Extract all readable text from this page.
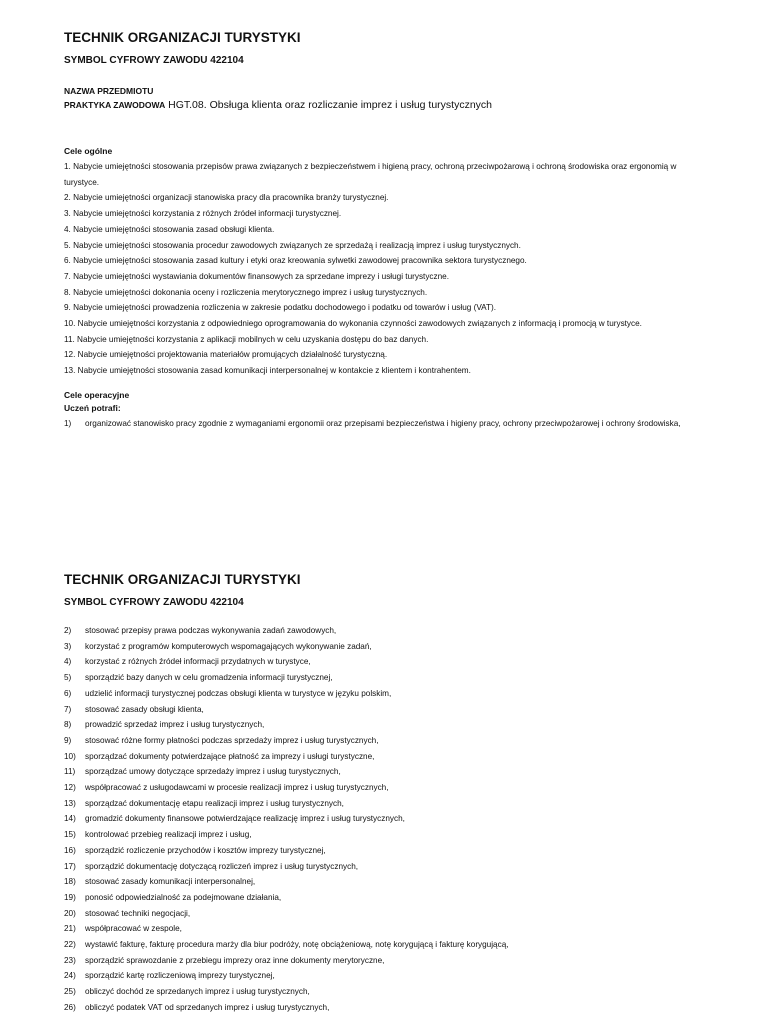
TECHNIK ORGANIZACJI TURYSTYKI
SYMBOL CYFROWY ZAWODU 422104
NAZWA PRZEDMIOTU
PRAKTYKA ZAWODOWA HGT.08. Obsługa klienta oraz rozliczanie imprez i usług turystycznych
Cele ogólne
1. Nabycie umiejętności stosowania przepisów prawa związanych z bezpieczeństwem i higieną pracy, ochroną przeciwpożarową i ochroną środowiska oraz ergonomią w turystyce.
2. Nabycie umiejętności organizacji stanowiska pracy dla pracownika branży turystycznej.
3. Nabycie umiejętności korzystania z różnych źródeł informacji turystycznej.
4. Nabycie umiejętności stosowania zasad obsługi klienta.
5. Nabycie umiejętności stosowania procedur zawodowych związanych ze sprzedażą i realizacją imprez i usług turystycznych.
6. Nabycie umiejętności stosowania zasad kultury i etyki oraz kreowania sylwetki zawodowej pracownika sektora turystycznego.
7. Nabycie umiejętności wystawiania dokumentów finansowych za sprzedane imprezy i usługi turystyczne.
8. Nabycie umiejętności dokonania oceny i rozliczenia merytorycznego imprez i usług turystycznych.
9. Nabycie umiejętności prowadzenia rozliczenia w zakresie podatku dochodowego i podatku od towarów i usług (VAT).
10. Nabycie umiejętności korzystania z odpowiedniego oprogramowania do wykonania czynności zawodowych związanych z informacją i promocją w turystyce.
11. Nabycie umiejętności korzystania z aplikacji mobilnych w celu uzyskania dostępu do baz danych.
12. Nabycie umiejętności projektowania materiałów promujących działalność turystyczną.
13. Nabycie umiejętności stosowania zasad komunikacji interpersonalnej w kontakcie z klientem i kontrahentem.
Cele operacyjne
Uczeń potrafi:
1)	organizować stanowisko pracy zgodnie z wymaganiami ergonomii oraz przepisami bezpieczeństwa i higieny pracy, ochrony przeciwpożarowej i ochrony środowiska,
TECHNIK ORGANIZACJI TURYSTYKI
SYMBOL CYFROWY ZAWODU 422104
2)	stosować przepisy prawa podczas wykonywania zadań zawodowych,
3)	korzystać z programów komputerowych wspomagających wykonywanie zadań,
4)	korzystać z różnych źródeł informacji przydatnych w turystyce,
5)	sporządzić bazy danych w celu gromadzenia informacji turystycznej,
6)	udzielić informacji turystycznej podczas obsługi klienta w turystyce w języku polskim,
7)	stosować zasady obsługi klienta,
8)	prowadzić sprzedaż imprez i usług turystycznych,
9)	stosować różne formy płatności podczas sprzedaży imprez i usług turystycznych,
10)	sporządzać dokumenty potwierdzające płatność za imprezy i usługi turystyczne,
11)	sporządzać umowy dotyczące sprzedaży imprez i usług turystycznych,
12)	współpracować z usługodawcami w procesie realizacji imprez i usług turystycznych,
13)	sporządzać dokumentację etapu realizacji imprez i usług turystycznych,
14)	gromadzić dokumenty finansowe potwierdzające realizację imprez i usług turystycznych,
15)	kontrolować przebieg realizacji imprez i usług,
16)	sporządzić rozliczenie przychodów i kosztów imprezy turystycznej,
17)	sporządzić dokumentację dotyczącą rozliczeń imprez i usług turystycznych,
18)	stosować zasady komunikacji interpersonalnej,
19)	ponosić odpowiedzialność za podejmowane działania,
20)	stosować techniki negocjacji,
21)	współpracować w zespole,
22)	wystawić fakturę, fakturę procedura marży dla biur podróży, notę obciążeniową, notę korygującą i fakturę korygującą,
23)	sporządzić sprawozdanie z przebiegu imprezy oraz inne dokumenty merytoryczne,
24)	sporządzić kartę rozliczeniową imprezy turystycznej,
25)	obliczyć dochód ze sprzedanych imprez i usług turystycznych,
26)	obliczyć podatek VAT od sprzedanych imprez i usług turystycznych,
